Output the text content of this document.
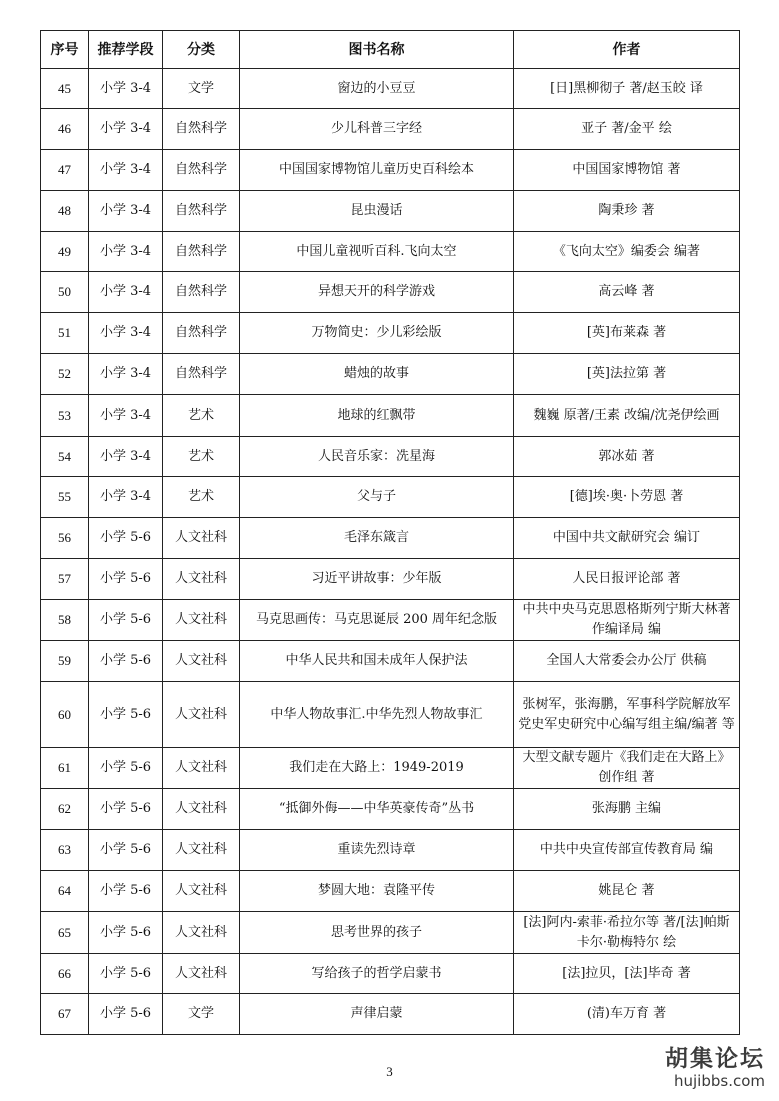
序号	推荐学段	分类	图书名称	作者
45	小学 3-4	文学	窗边的小豆豆	[日]黑柳彻子 著/赵玉皎 译
46	小学 3-4	自然科学	少儿科普三字经	亚子 著/金平 绘
47	小学 3-4	自然科学	中国国家博物馆儿童历史百科绘本	中国国家博物馆 著
48	小学 3-4	自然科学	昆虫漫话	陶秉珍 著
49	小学 3-4	自然科学	中国儿童视听百科.飞向太空	《飞向太空》编委会 编著
50	小学 3-4	自然科学	异想天开的科学游戏	高云峰 著
51	小学 3-4	自然科学	万物简史：少儿彩绘版	[英]布莱森 著
52	小学 3-4	自然科学	蜡烛的故事	[英]法拉第 著
53	小学 3-4	艺术	地球的红飘带	魏巍 原著/王素 改编/沈尧伊绘画
54	小学 3-4	艺术	人民音乐家：冼星海	郭冰茹 著
55	小学 3-4	艺术	父与子	[德]埃·奥·卜劳恩 著
56	小学 5-6	人文社科	毛泽东箴言	中国中共文献研究会 编订
57	小学 5-6	人文社科	习近平讲故事：少年版	人民日报评论部 著
58	小学 5-6	人文社科	马克思画传：马克思诞辰 200 周年纪念版	中共中央马克思恩格斯列宁斯大林著作编译局 编
59	小学 5-6	人文社科	中华人民共和国未成年人保护法	全国人大常委会办公厅 供稿
60	小学 5-6	人文社科	中华人物故事汇.中华先烈人物故事汇	张树军，张海鹏，军事科学院解放军党史军史研究中心编写组主编/编著 等
61	小学 5-6	人文社科	我们走在大路上：1949-2019	大型文献专题片《我们走在大路上》创作组 著
62	小学 5-6	人文社科	“抵御外侮——中华英豪传奇”丛书	张海鹏 主编
63	小学 5-6	人文社科	重读先烈诗章	中共中央宣传部宣传教育局 编
64	小学 5-6	人文社科	梦圆大地：袁隆平传	姚昆仑 著
65	小学 5-6	人文社科	思考世界的孩子	[法]阿内-索菲·希拉尔等 著/[法]帕斯卡尔·勒梅特尔 绘
66	小学 5-6	人文社科	写给孩子的哲学启蒙书	[法]拉贝，[法]毕奇 著
67	小学 5-6	文学	声律启蒙	(清)车万育 著
3	胡集论坛
hujibbs.com
